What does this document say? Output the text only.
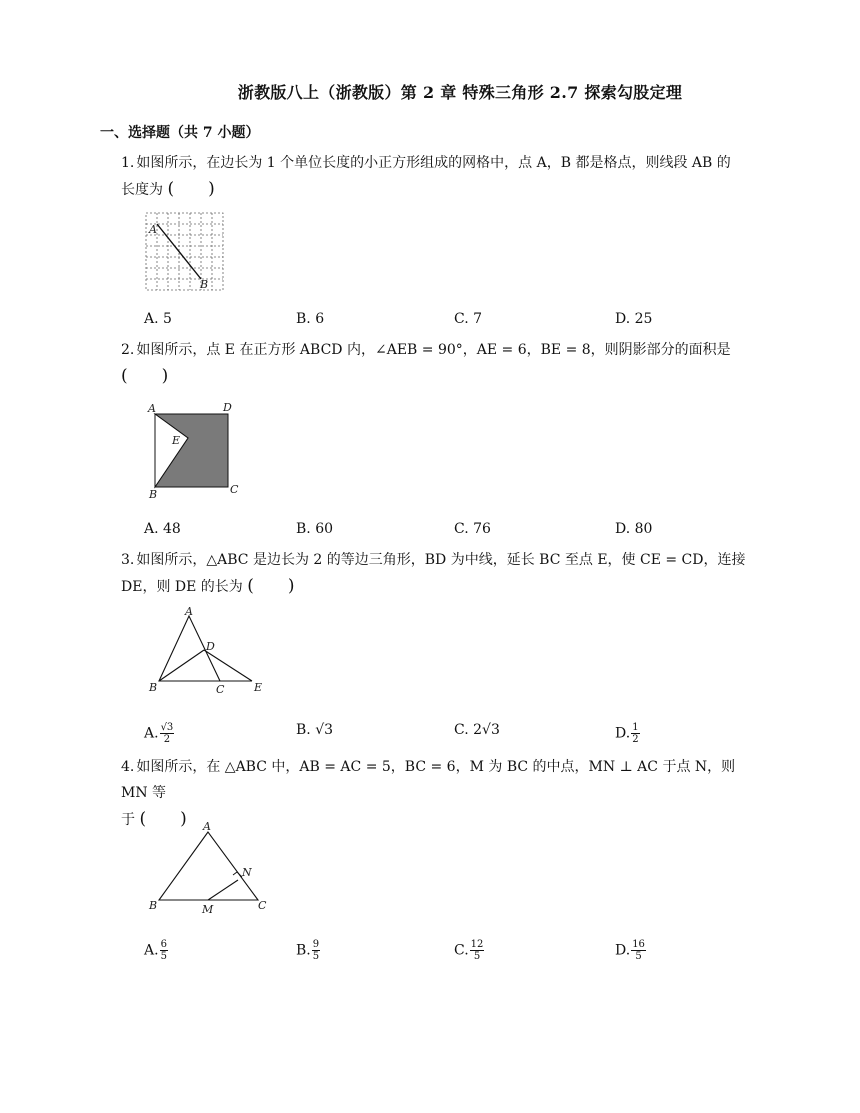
浙教版八上（浙教版）第 2 章 特殊三角形 2.7 探索勾股定理
一、选择题（共 7 小题）
1. 如图所示，在边长为 1 个单位长度的小正方形组成的网格中，点 A，B 都是格点，则线段 AB 的
长度为 (　　)
A
B
A. 5	B. 6	C. 7	D. 25
2. 如图所示，点 E 在正方形 ABCD 内，∠AEB = 90°，AE = 6，BE = 8，则阴影部分的面积是
(　　)
A	D
E
B	C
A. 48	B. 60	C. 76	D. 80
3. 如图所示，△ABC 是边长为 2 的等边三角形，BD 为中线，延长 BC 至点 E，使 CE = CD，连接
DE，则 DE 的长为 (　　)
A
D
B	C	E
A. $\frac{√3}{2}$	B. √3	C. 2√3	D. $\frac{1}{2}$
4. 如图所示，在 △ABC 中，AB = AC = 5，BC = 6，M 为 BC 的中点，MN ⊥ AC 于点 N，则 MN 等
于 (　　)	A
N
B	M	C
A. $\frac{6}{5}$	B. $\frac{9}{5}$	C. $\frac{12}{5}$	D. $\frac{16}{5}$
